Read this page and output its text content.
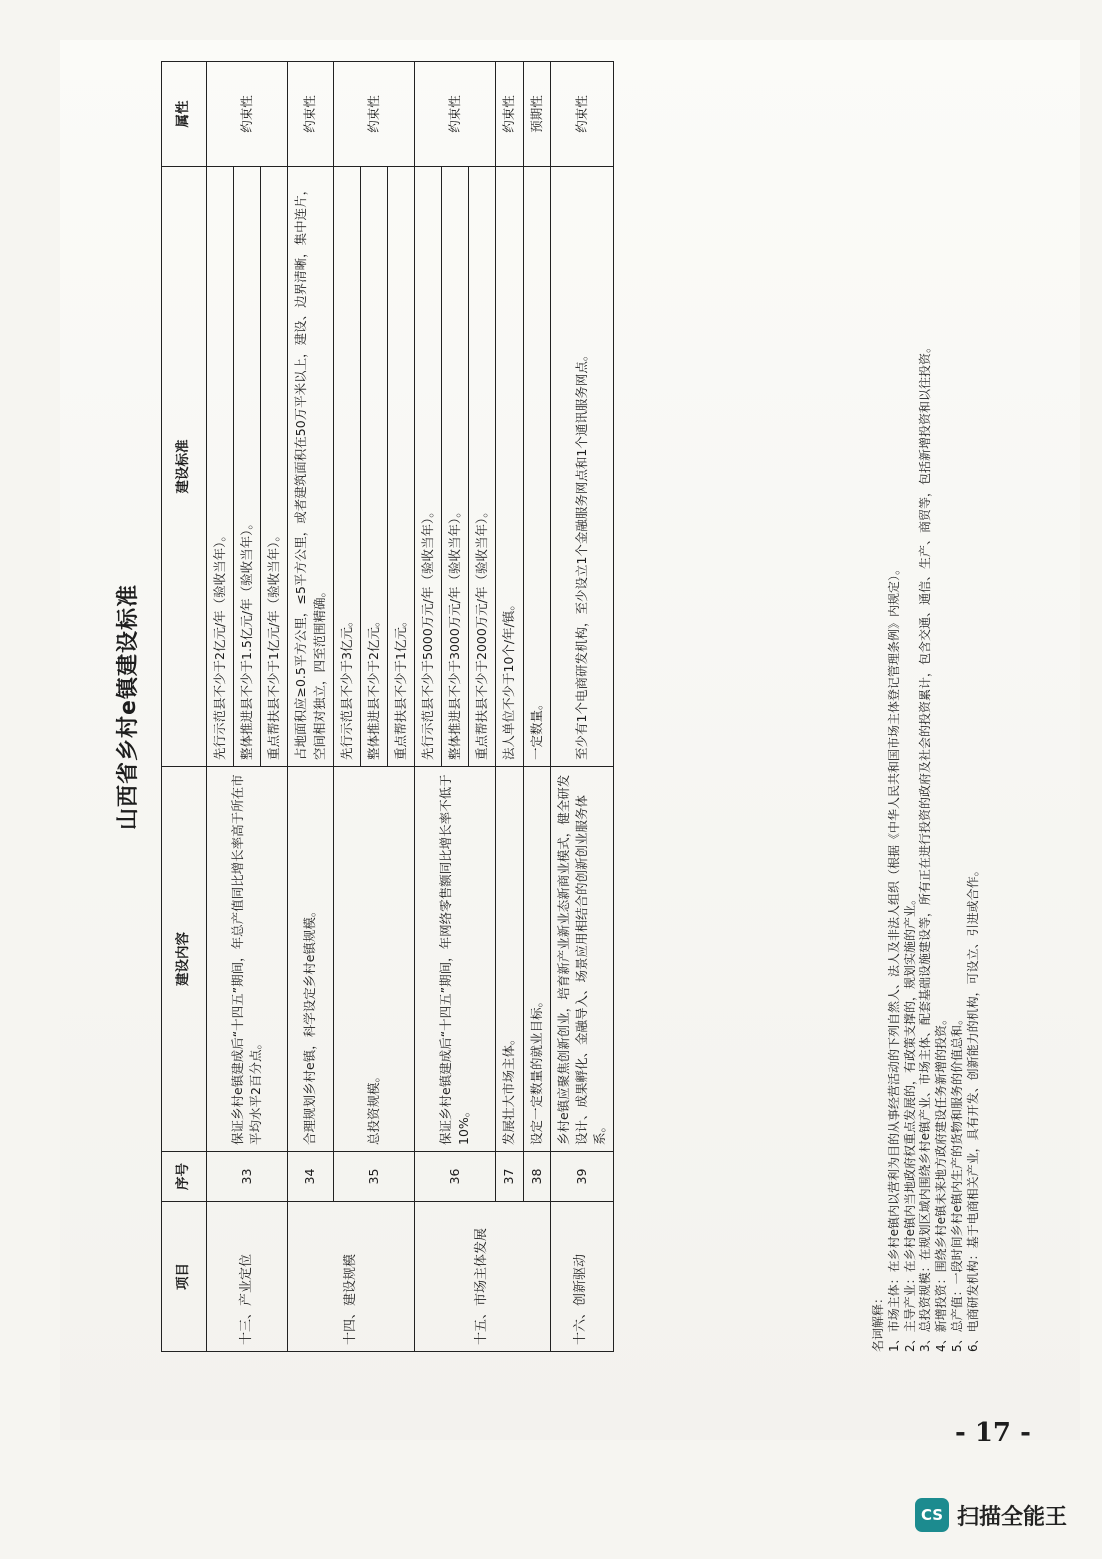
山西省乡村e镇建设标准
项目	序号	建设内容	建设标准	属性
十三、产业定位	33	保证乡村e镇建成后“十四五”期间，年总产值同比增长率高于所在市平均水平2百分点。	先行示范县不少于2亿元/年（验收当年）。	约束性
			整体推进县不少于1.5亿元/年（验收当年）。	
			重点帮扶县不少于1亿元/年（验收当年）。	
十四、建设规模	34	合理规划乡村e镇，科学设定乡村e镇规模。	占地面积应≥0.5平方公里，≤5平方公里，或者建筑面积在50万平米以上，建设、边界清晰，集中连片，空间相对独立，四至范围精确。	约束性
	35	总投资规模。	先行示范县不少于3亿元。	约束性
			整体推进县不少于2亿元。	
			重点帮扶县不少于1亿元。	
十五、市场主体发展	36	保证乡村e镇建成后“十四五”期间，年网络零售额同比增长率不低于10%。	先行示范县不少于5000万元/年（验收当年）。	约束性
			整体推进县不少于3000万元/年（验收当年）。	
			重点帮扶县不少于2000万元/年（验收当年）。	
	37	发展壮大市场主体。	法人单位不少于10个/年/镇。	约束性
	38	设定一定数量的就业目标。	一定数量。	预期性
十六、创新驱动	39	乡村e镇应聚焦创新创业，培育新产业新业态新商业模式，健全研发设计、成果孵化、金融导入、场景应用相结合的创新创业服务体系。	至少有1个电商研发机构，至少设立1个金融服务网点和1个通讯服务网点。	约束性
名词解释： 1、市场主体：在乡村e镇内以营利为目的从事经营活动的下列自然人、法人及非法人组织（根据《中华人民共和国市场主体登记管理条例》内规定）。 2、主导产业：在乡村e镇内当地政府权重点发展的，有政策支撑的，规划实施的产业。 3、总投资规模：在规划区域内围绕乡村e镇产业、市场主体、配套基础设施建设等，所有正在进行投资的政府及社会的投资累计，包含交通、通信、生产、商贸等，包括新增投资和以往投资。 4、新增投资：围绕乡村e镇未来地方政府建设任务新增的投资。 5、总产值：一段时间乡村e镇内生产的货物和服务的价值总和。 6、电商研发机构：基于电商相关产业，具有开发、创新能力的机构，可设立、引进或合作。
- 17 -
CS 扫描全能王
